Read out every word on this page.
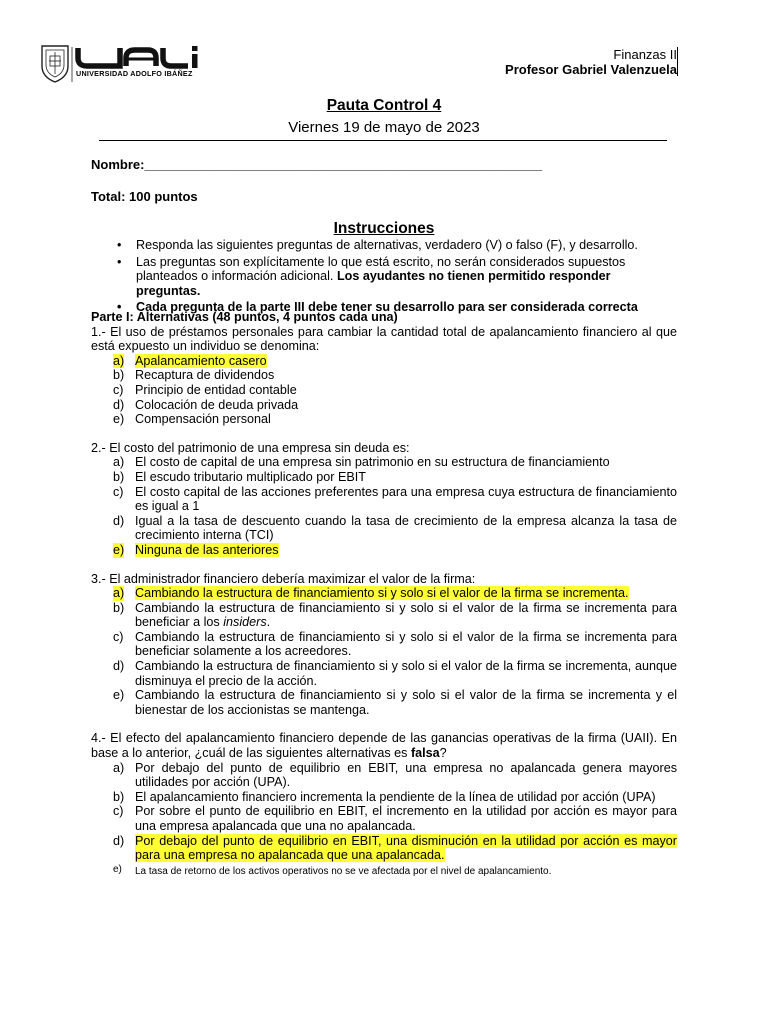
UNIVERSIDAD ADOLFO IBÁÑEZ
Finanzas II
Profesor Gabriel Valenzuela
Pauta Control 4
Viernes 19 de mayo de 2023
Nombre:_______________________________________________________
Total: 100 puntos
Instrucciones
• Responda las siguientes preguntas de alternativas, verdadero (V) o falso (F), y desarrollo.
• Las preguntas son explícitamente lo que está escrito, no serán considerados supuestos planteados o información adicional. Los ayudantes no tienen permitido responder preguntas.
• Cada pregunta de la parte III debe tener su desarrollo para ser considerada correcta
Parte I: Alternativas (48 puntos, 4 puntos cada una)
1.- El uso de préstamos personales para cambiar la cantidad total de apalancamiento financiero al que está expuesto un individuo se denomina:
a) Apalancamiento casero
b) Recaptura de dividendos
c) Principio de entidad contable
d) Colocación de deuda privada
e) Compensación personal
2.- El costo del patrimonio de una empresa sin deuda es:
a) El costo de capital de una empresa sin patrimonio en su estructura de financiamiento
b) El escudo tributario multiplicado por EBIT
c) El costo capital de las acciones preferentes para una empresa cuya estructura de financiamiento es igual a 1
d) Igual a la tasa de descuento cuando la tasa de crecimiento de la empresa alcanza la tasa de crecimiento interna (TCI)
e) Ninguna de las anteriores
3.- El administrador financiero debería maximizar el valor de la firma:
a) Cambiando la estructura de financiamiento si y solo si el valor de la firma se incrementa.
b) Cambiando la estructura de financiamiento si y solo si el valor de la firma se incrementa para beneficiar a los insiders.
c) Cambiando la estructura de financiamiento si y solo si el valor de la firma se incrementa para beneficiar solamente a los acreedores.
d) Cambiando la estructura de financiamiento si y solo si el valor de la firma se incrementa, aunque disminuya el precio de la acción.
e) Cambiando la estructura de financiamiento si y solo si el valor de la firma se incrementa y el bienestar de los accionistas se mantenga.
4.- El efecto del apalancamiento financiero depende de las ganancias operativas de la firma (UAII). En base a lo anterior, ¿cuál de las siguientes alternativas es falsa?
a) Por debajo del punto de equilibrio en EBIT, una empresa no apalancada genera mayores utilidades por acción (UPA).
b) El apalancamiento financiero incrementa la pendiente de la línea de utilidad por acción (UPA)
c) Por sobre el punto de equilibrio en EBIT, el incremento en la utilidad por acción es mayor para una empresa apalancada que una no apalancada.
d) Por debajo del punto de equilibrio en EBIT, una disminución en la utilidad por acción es mayor para una empresa no apalancada que una apalancada.
e) La tasa de retorno de los activos operativos no se ve afectada por el nivel de apalancamiento.
